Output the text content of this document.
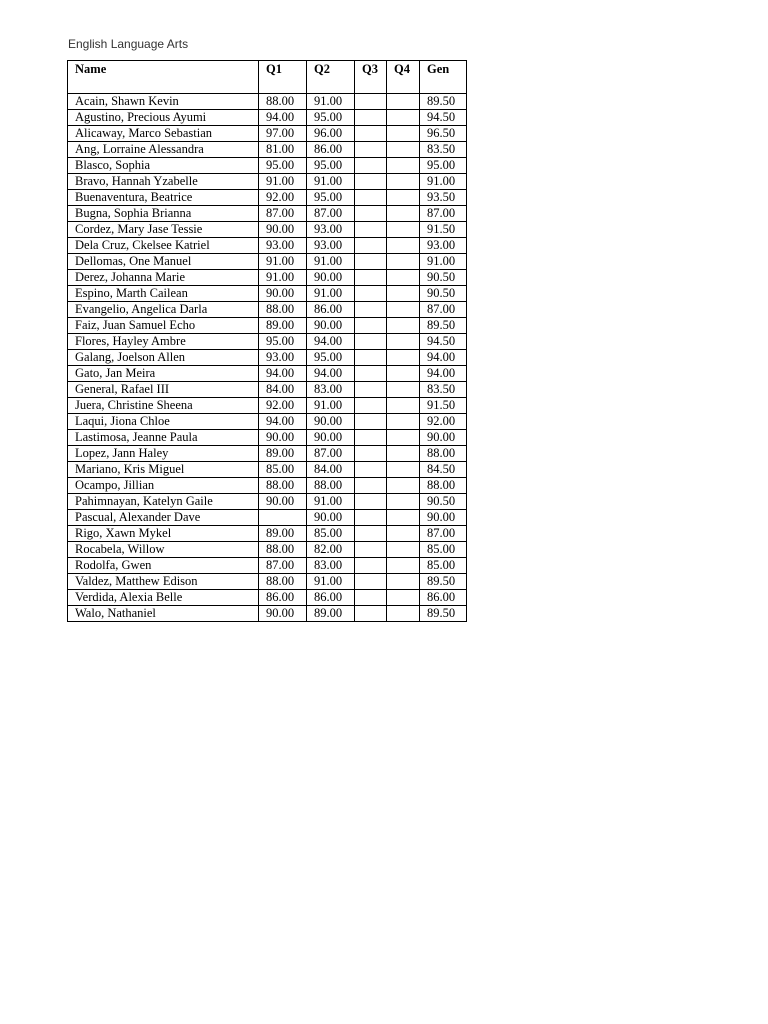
English Language Arts
Name	Q1	Q2	Q3	Q4	Gen
Acain, Shawn Kevin	88.00	91.00			89.50
Agustino, Precious Ayumi	94.00	95.00			94.50
Alicaway, Marco Sebastian	97.00	96.00			96.50
Ang, Lorraine Alessandra	81.00	86.00			83.50
Blasco, Sophia	95.00	95.00			95.00
Bravo, Hannah Yzabelle	91.00	91.00			91.00
Buenaventura, Beatrice	92.00	95.00			93.50
Bugna, Sophia Brianna	87.00	87.00			87.00
Cordez, Mary Jase Tessie	90.00	93.00			91.50
Dela Cruz, Ckelsee Katriel	93.00	93.00			93.00
Dellomas, One Manuel	91.00	91.00			91.00
Derez, Johanna Marie	91.00	90.00			90.50
Espino, Marth Cailean	90.00	91.00			90.50
Evangelio, Angelica Darla	88.00	86.00			87.00
Faiz, Juan Samuel Echo	89.00	90.00			89.50
Flores, Hayley Ambre	95.00	94.00			94.50
Galang, Joelson Allen	93.00	95.00			94.00
Gato, Jan Meira	94.00	94.00			94.00
General, Rafael III	84.00	83.00			83.50
Juera, Christine Sheena	92.00	91.00			91.50
Laqui, Jiona Chloe	94.00	90.00			92.00
Lastimosa, Jeanne Paula	90.00	90.00			90.00
Lopez, Jann Haley	89.00	87.00			88.00
Mariano, Kris Miguel	85.00	84.00			84.50
Ocampo, Jillian	88.00	88.00			88.00
Pahimnayan, Katelyn Gaile	90.00	91.00			90.50
Pascual, Alexander Dave		90.00			90.00
Rigo, Xawn Mykel	89.00	85.00			87.00
Rocabela, Willow	88.00	82.00			85.00
Rodolfa, Gwen	87.00	83.00			85.00
Valdez, Matthew Edison	88.00	91.00			89.50
Verdida, Alexia Belle	86.00	86.00			86.00
Walo, Nathaniel	90.00	89.00			89.50
